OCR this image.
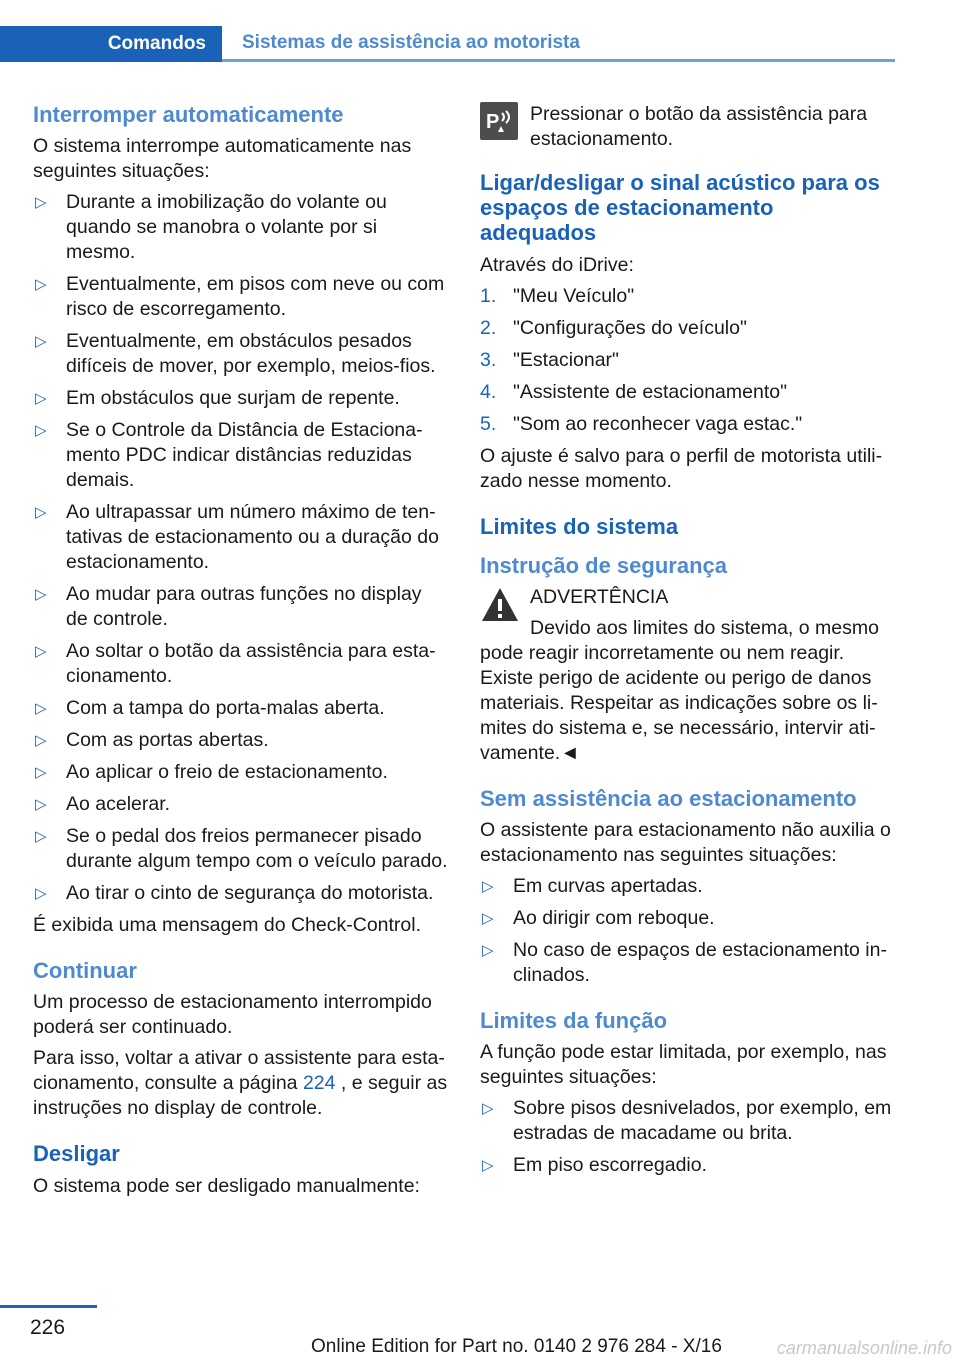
Comandos	Sistemas de assistência ao motorista
Interromper automaticamente

O sistema interrompe automaticamente nas seguintes situações:

▷ Durante a imobilização do volante ou quando se manobra o volante por si mesmo.
▷ Eventualmente, em pisos com neve ou com risco de escorregamento.
▷ Eventualmente, em obstáculos pesados difíceis de mover, por exemplo, meios-fios.
▷ Em obstáculos que surjam de repente.
▷ Se o Controle da Distância de Estacionamento PDC indicar distâncias reduzidas demais.
▷ Ao ultrapassar um número máximo de tentativas de estacionamento ou a duração do estacionamento.
▷ Ao mudar para outras funções no display de controle.
▷ Ao soltar o botão da assistência para estacionamento.
▷ Com a tampa do porta-malas aberta.
▷ Com as portas abertas.
▷ Ao aplicar o freio de estacionamento.
▷ Ao acelerar.
▷ Se o pedal dos freios permanecer pisado durante algum tempo com o veículo parado.
▷ Ao tirar o cinto de segurança do motorista.

É exibida uma mensagem do Check-Control.

Continuar

Um processo de estacionamento interrompido poderá ser continuado.

Para isso, voltar a ativar o assistente para estacionamento, consulte a página 224 , e seguir as instruções no display de controle.

Desligar

O sistema pode ser desligado manualmente:

P Pressionar o botão da assistência para estacionamento.

Ligar/desligar o sinal acústico para os espaços de estacionamento adequados

Através do iDrive:

1. "Meu Veículo"
2. "Configurações do veículo"
3. "Estacionar"
4. "Assistente de estacionamento"
5. "Som ao reconhecer vaga estac."

O ajuste é salvo para o perfil de motorista utilizado nesse momento.

Limites do sistema
Instrução de segurança

ADVERTÊNCIA

Devido aos limites do sistema, o mesmo pode reagir incorretamente ou nem reagir. Existe perigo de acidente ou perigo de danos materiais. Respeitar as indicações sobre os limites do sistema e, se necessário, intervir ativamente.◄

Sem assistência ao estacionamento

O assistente para estacionamento não auxilia o estacionamento nas seguintes situações:

▷ Em curvas apertadas.
▷ Ao dirigir com reboque.
▷ No caso de espaços de estacionamento inclinados.
Limites da função

A função pode estar limitada, por exemplo, nas seguintes situações:

▷ Sobre pisos desnivelados, por exemplo, em estradas de macadame ou brita.
▷ Em piso escorregadio.
226
Online Edition for Part no. 0140 2 976 284 - X/16	carmanualsonline.info
